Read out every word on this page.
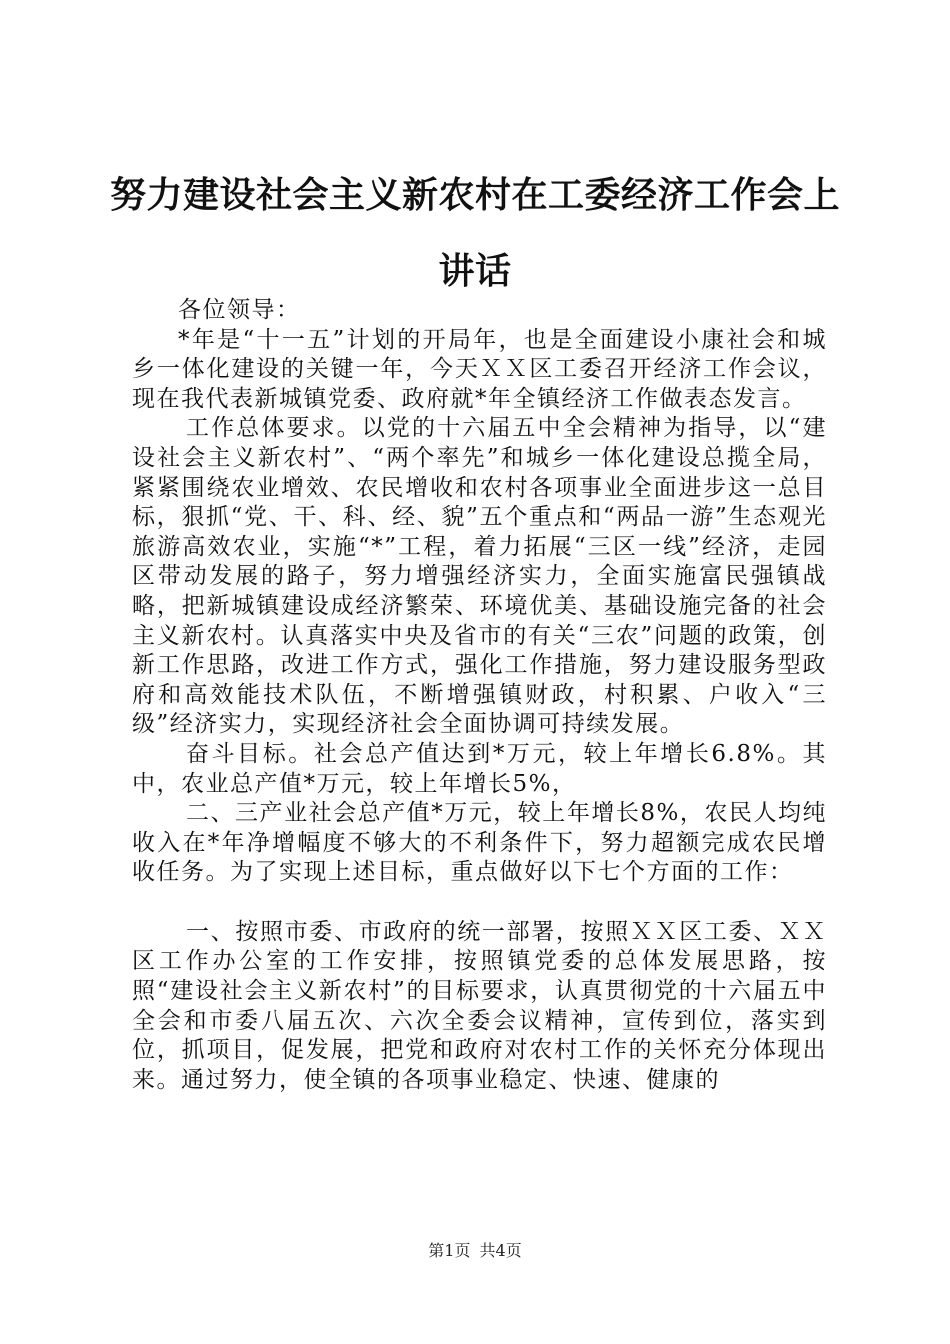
努力建设社会主义新农村在工委经济工作会上讲话

各位领导：

*年是“十一五”计划的开局年，也是全面建设小康社会和城乡一体化建设的关键一年，今天ＸＸ区工委召开经济工作会议，现在我代表新城镇党委、政府就*年全镇经济工作做表态发言。

工作总体要求。以党的十六届五中全会精神为指导，以“建设社会主义新农村”、“两个率先”和城乡一体化建设总揽全局，紧紧围绕农业增效、农民增收和农村各项事业全面进步这一总目标，狠抓“党、干、科、经、貌”五个重点和“两品一游”生态观光旅游高效农业，实施“*”工程，着力拓展“三区一线”经济，走园区带动发展的路子，努力增强经济实力，全面实施富民强镇战略，把新城镇建设成经济繁荣、环境优美、基础设施完备的社会主义新农村。认真落实中央及省市的有关“三农”问题的政策，创新工作思路，改进工作方式，强化工作措施，努力建设服务型政府和高效能技术队伍，不断增强镇财政，村积累、户收入“三级”经济实力，实现经济社会全面协调可持续发展。

奋斗目标。社会总产值达到*万元，较上年增长6.8%。其中，农业总产值*万元，较上年增长5%，

二、三产业社会总产值*万元，较上年增长8%，农民人均纯收入在*年净增幅度不够大的不利条件下，努力超额完成农民增收任务。为了实现上述目标，重点做好以下七个方面的工作：

一、按照市委、市政府的统一部署，按照ＸＸ区工委、ＸＸ区工作办公室的工作安排，按照镇党委的总体发展思路，按照“建设社会主义新农村”的目标要求，认真贯彻党的十六届五中全会和市委八届五次、六次全委会议精神，宣传到位，落实到位，抓项目，促发展，把党和政府对农村工作的关怀充分体现出来。通过努力，使全镇的各项事业稳定、快速、健康的

第1页 共4页
